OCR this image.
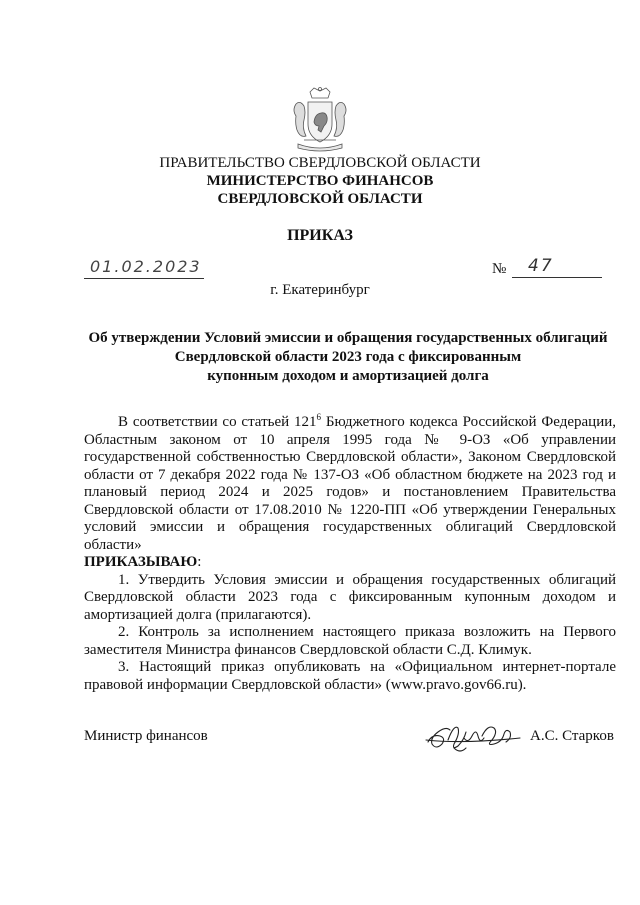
ПРАВИТЕЛЬСТВО СВЕРДЛОВСКОЙ ОБЛАСТИ
МИНИСТЕРСТВО ФИНАНСОВ
СВЕРДЛОВСКОЙ ОБЛАСТИ
ПРИКАЗ
01.02.2023	№ 47
г. Екатеринбург
Об утверждении Условий эмиссии и обращения государственных облигаций
Свердловской области 2023 года с фиксированным
купонным доходом и амортизацией долга

В соответствии со статьей $121^6$ Бюджетного кодекса Российской Федерации, Областным законом от 10 апреля 1995 года № 9-ОЗ «Об управлении государственной собственностью Свердловской области», Законом Свердловской области от 7 декабря 2022 года № 137-ОЗ «Об областном бюджете на 2023 год и плановый период 2024 и 2025 годов» и постановлением Правительства Свердловской области от 17.08.2010 № 1220-ПП «Об утверждении Генеральных условий эмиссии и обращения государственных облигаций Свердловской области»

ПРИКАЗЫВАЮ:

1. Утвердить Условия эмиссии и обращения государственных облигаций Свердловской области 2023 года с фиксированным купонным доходом и амортизацией долга (прилагаются).

2. Контроль за исполнением настоящего приказа возложить на Первого заместителя Министра финансов Свердловской области С.Д. Климук.

3. Настоящий приказ опубликовать на «Официальном интернет-портале правовой информации Свердловской области» (www.pravo.gov66.ru).

Министр финансов	А.С. Старков
